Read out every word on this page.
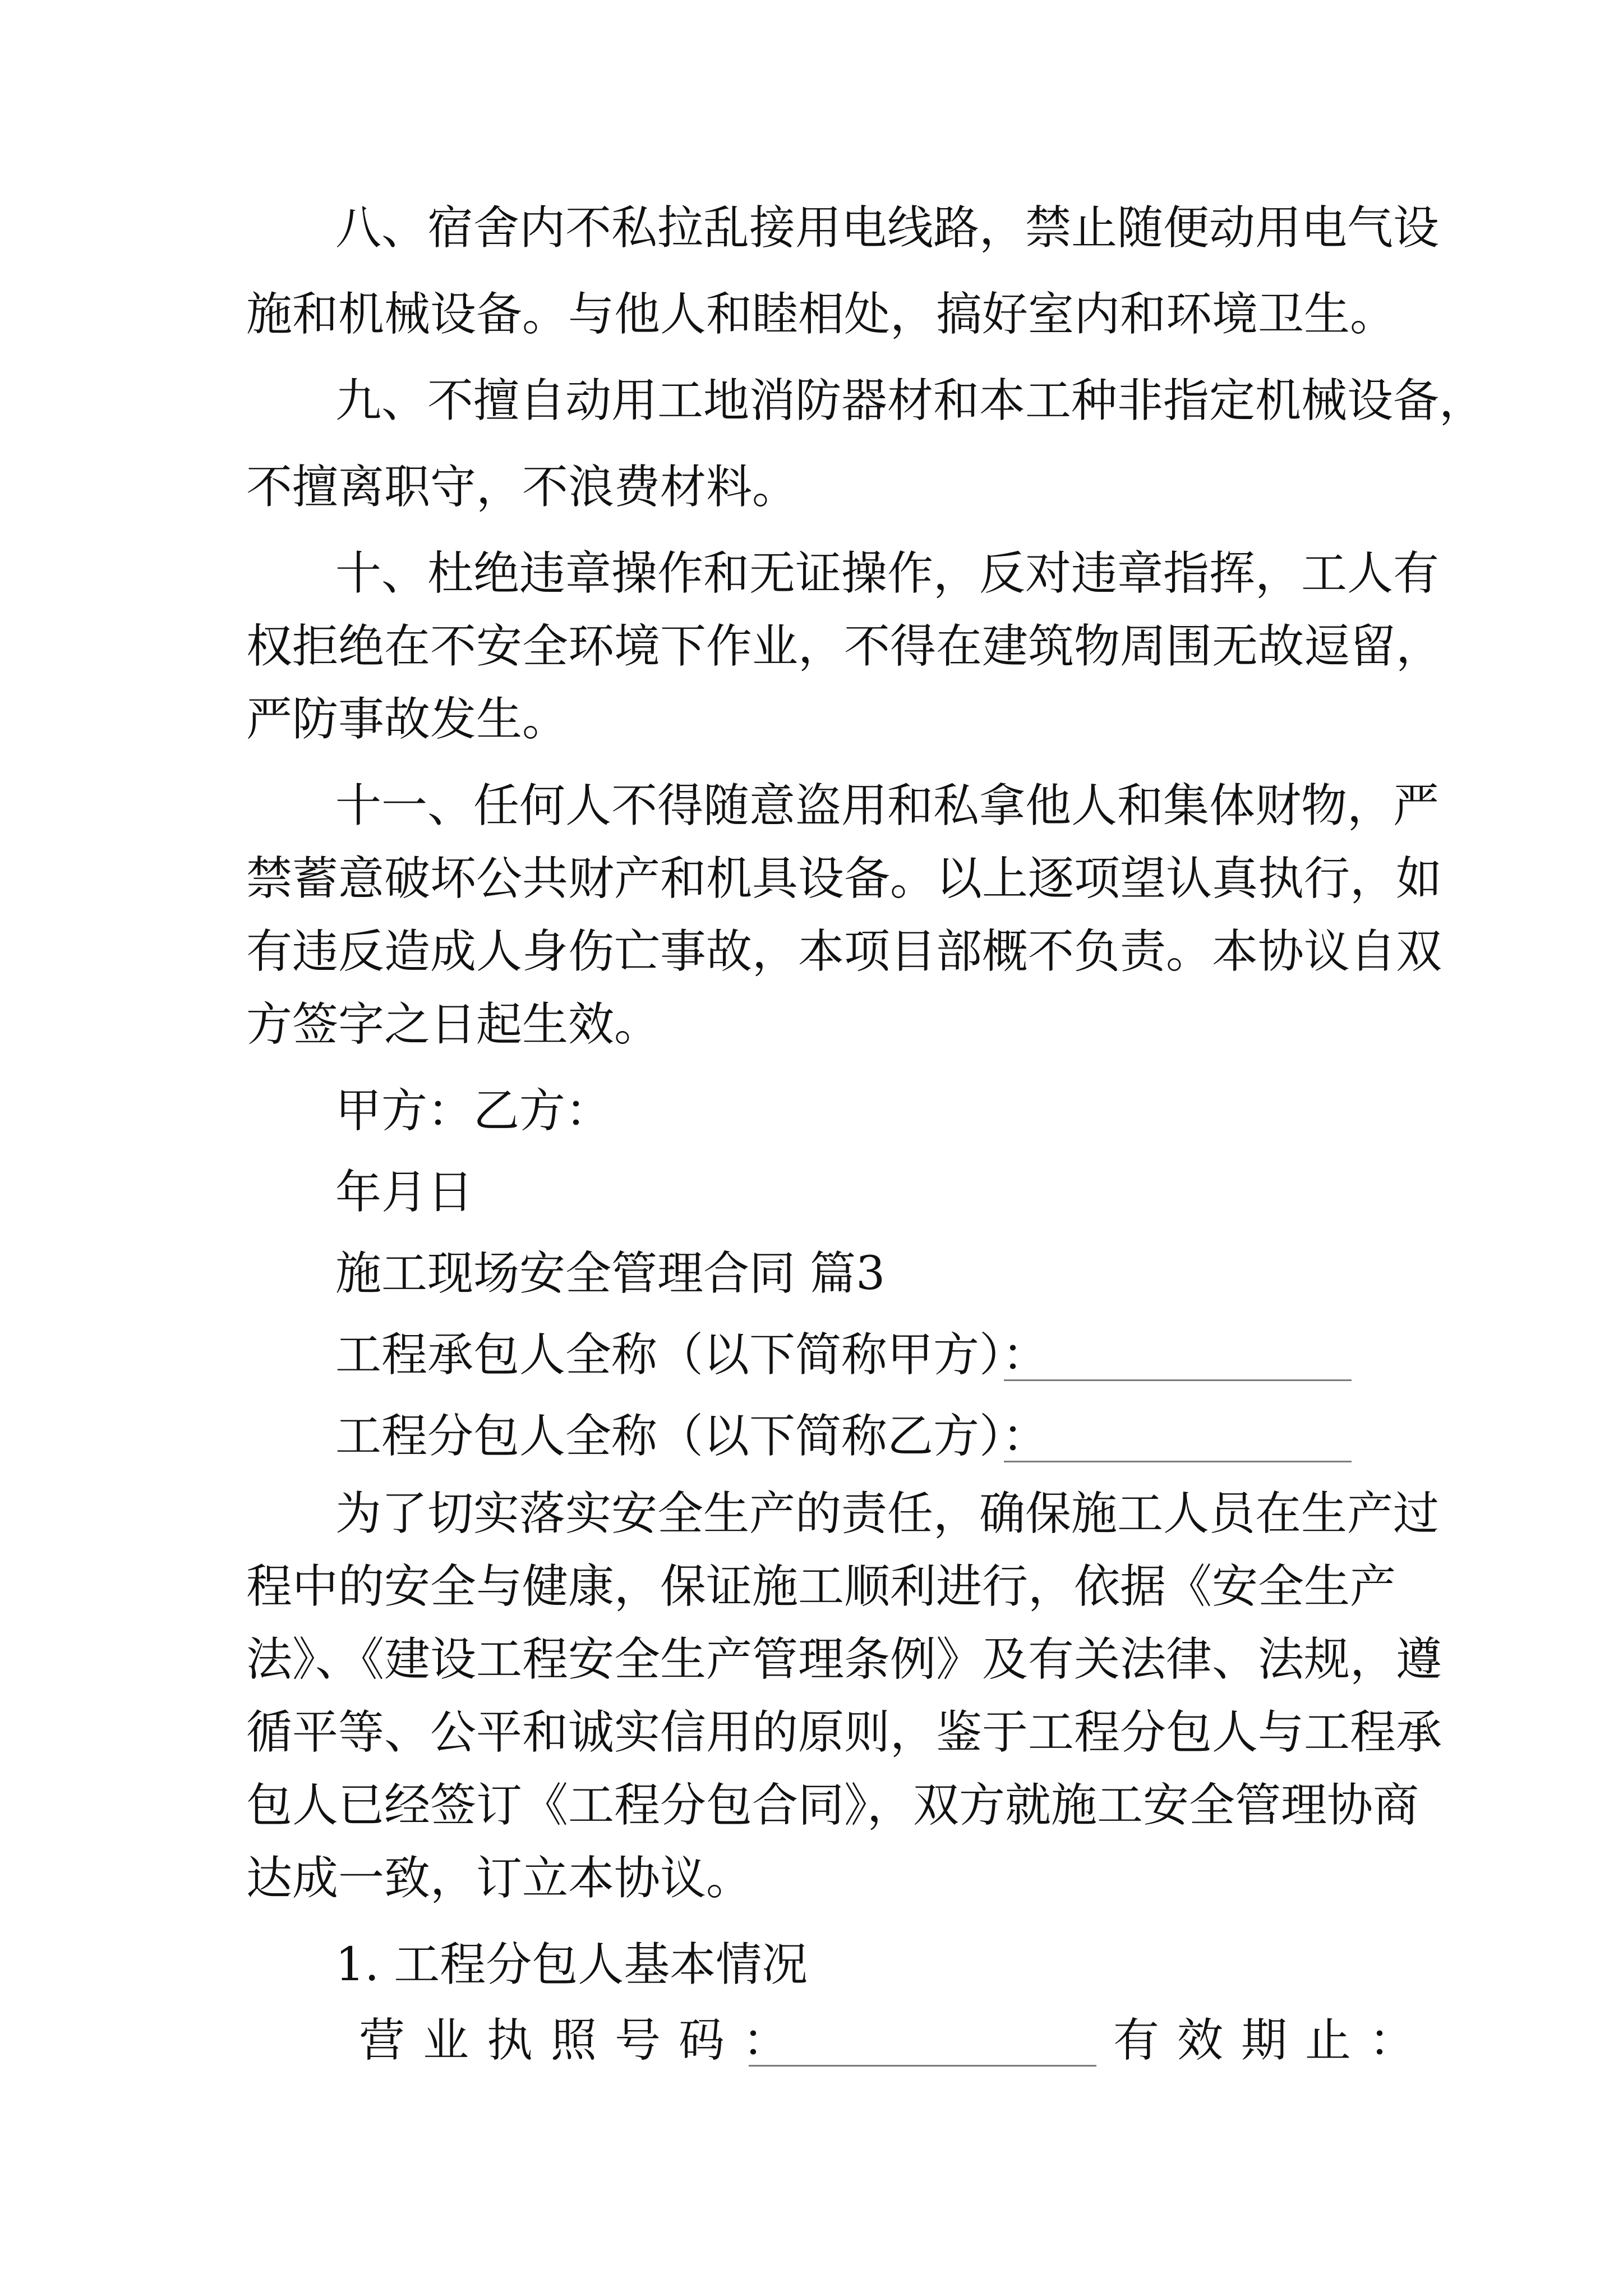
八、宿舍内不私拉乱接用电线路，禁止随便动用电气设
施和机械设备。与他人和睦相处，搞好室内和环境卫生。
九、不擅自动用工地消防器材和本工种非指定机械设备，
不擅离职守，不浪费材料。
十、杜绝违章操作和无证操作，反对违章指挥，工人有
权拒绝在不安全环境下作业，不得在建筑物周围无故逗留，
严防事故发生。
十一、任何人不得随意盗用和私拿他人和集体财物，严
禁蓄意破坏公共财产和机具设备。以上逐项望认真执行，如
有违反造成人身伤亡事故，本项目部概不负责。本协议自双
方签字之日起生效。
甲方：乙方：
年月日
施工现场安全管理合同 篇3
工程承包人全称（以下简称甲方）：
工程分包人全称（以下简称乙方）：
为了切实落实安全生产的责任，确保施工人员在生产过
程中的安全与健康，保证施工顺利进行，依据《安全生产
法》、《建设工程安全生产管理条例》及有关法律、法规，遵
循平等、公平和诚实信用的原则，鉴于工程分包人与工程承
包人已经签订《工程分包合同》，双方就施工安全管理协商
达成一致，订立本协议。
1. 工程分包人基本情况
营业执照号码：	有效期止：
